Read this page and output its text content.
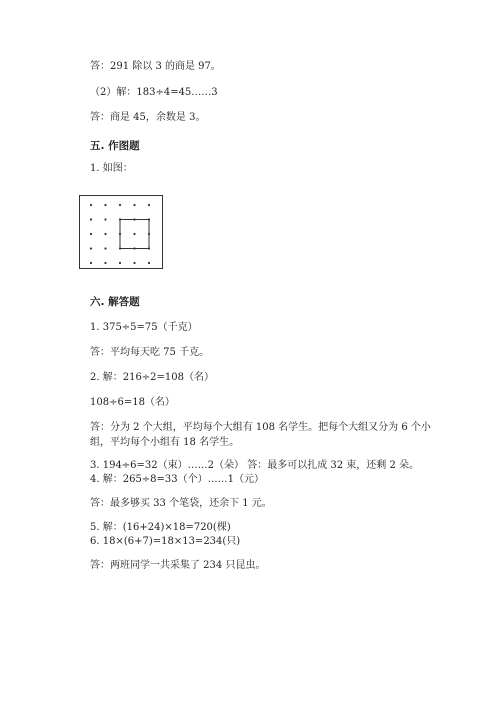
答：291 除以 3 的商是 97。
（2）解：183÷4=45……3
答：商是 45，余数是 3。
五. 作图题
1. 如图：
六. 解答题
1. 375÷5=75（千克）
答：平均每天吃 75 千克。
2. 解：216÷2=108（名）
108÷6=18（名）
答：分为 2 个大组，平均每个大组有 108 名学生。把每个大组又分为 6 个小
组，平均每个小组有 18 名学生。
3. 194÷6=32（束）……2（朵） 答：最多可以扎成 32 束，还剩 2 朵。
4. 解：265÷8=33（个）……1（元）
答：最多够买 33 个笔袋，还余下 1 元。
5. 解：(16+24)×18=720(棵)
6. 18×(6+7)=18×13=234(只)
答：两班同学一共采集了 234 只昆虫。
